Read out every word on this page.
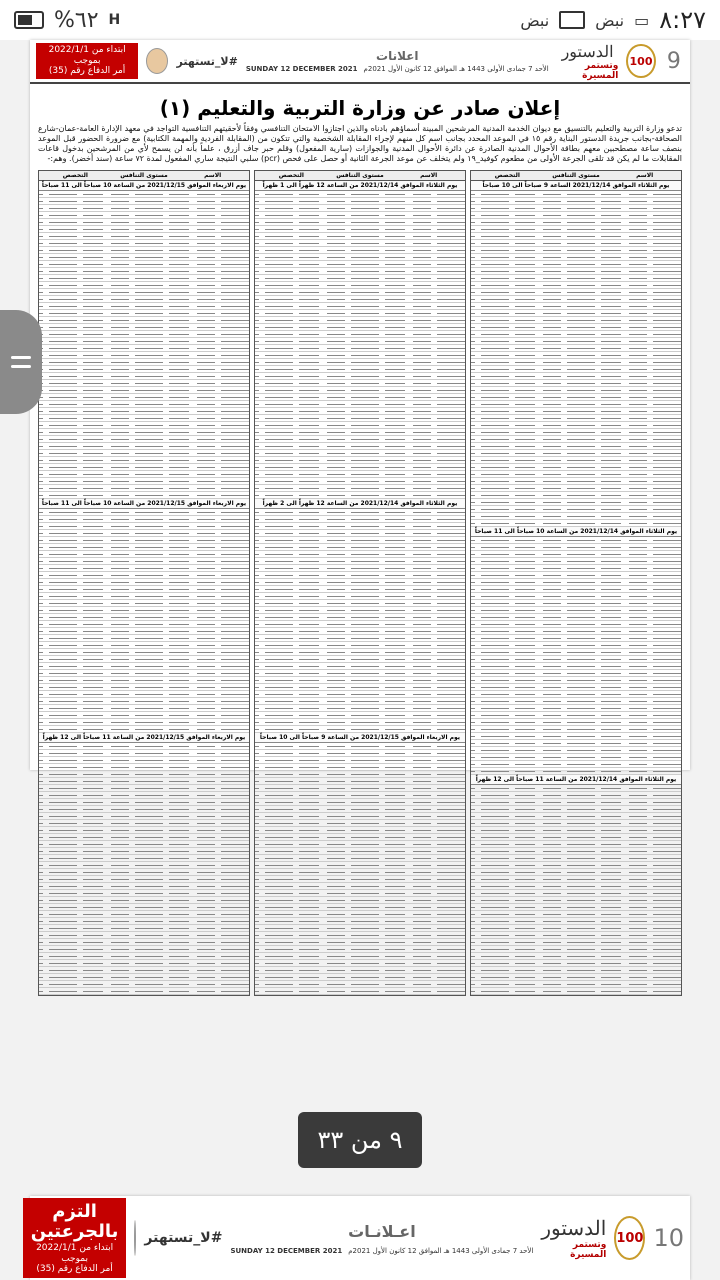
%٦٢ H	نبض	نبض ▭ ٨:٢٧
9
100
الدستور
وتستمر المسيرة
اعلانات
الأحد 7 جمادى الأولى 1443 هـ الموافق 12 كانون الأول 2021م
SUNDAY 12 DECEMBER 2021
#لا_تستهتر
ابتداء من 2022/1/1 بموجب
أمر الدفاع رقم (35)
إعلان صادر عن وزارة التربية والتعليم (١)
تدعو وزارة التربية والتعليم بالتنسيق مع ديوان الخدمة المدنية المرشحين المبينة أسماؤهم بادناه والذين اجتازوا الامتحان التنافسي وفقاً لأحقيتهم التنافسية التواجد في معهد الإدارة العامة-عمان-شارع الصحافة-بجانب جريدة الدستور البناية رقم ١٥ في الموعد المحدد بجانب اسم كل منهم لإجراء المقابلة الشخصية والتي تتكون من (المقابلة الفردية والمهمة الكتابية) مع ضرورة الحضور قبل الموعد بنصف ساعة مصطحبين معهم بطاقة الأحوال المدنية الصادرة عن دائرة الأحوال المدنية والجوازات (سارية المفعول) وقلم حبر جاف أزرق ، علماً بأنه لن يسمح لأي من المرشحين بدخول قاعات المقابلات ما لم يكن قد تلقى الجرعة الأولى من مطعوم كوفيد_١٩ ولم يتخلف عن موعد الجرعة الثانية أو حصل على فحص (pcr) سلبي النتيجة ساري المفعول لمدة ٧٢ ساعة (سند أخضر). وهم:-
الاسم
مستوى التنافس
التخصص
يوم الثلاثاء الموافق 2021/12/14 الساعة 9 صباحاً الى 10 صباحاً
يوم الثلاثاء الموافق 2021/12/14 من الساعة 10 صباحاً الى 11 صباحاً
يوم الثلاثاء الموافق 2021/12/14 من الساعة 11 صباحاً الى 12 ظهراً
الاسم
مستوى التنافس
التخصص
يوم الثلاثاء الموافق 2021/12/14 من الساعة 12 ظهراً الى 1 ظهراً
يوم الثلاثاء الموافق 2021/12/14 من الساعة 12 ظهراً الى 2 ظهراً
يوم الاربعاء الموافق 2021/12/15 من الساعة 9 صباحاً الى 10 صباحاً
الاسم
مستوى التنافس
التخصص
يوم الاربعاء الموافق 2021/12/15 من الساعة 10 صباحاً الى 11 صباحاً
يوم الاربعاء الموافق 2021/12/15 من الساعة 10 صباحاً الى 11 صباحاً
يوم الاربعاء الموافق 2021/12/15 من الساعة 11 صباحاً الى 12 ظهراً
٩ من ٣٣
10
100
الدستور
وتستمر المسيرة
اعـلانـات
الأحد 7 جمادى الأولى 1443 هـ الموافق 12 كانون الأول 2021م
SUNDAY 12 DECEMBER 2021
#لا_تستهتر
التزم بالجرعتين
ابتداء من 2022/1/1 بموجب
أمر الدفاع رقم (35)
